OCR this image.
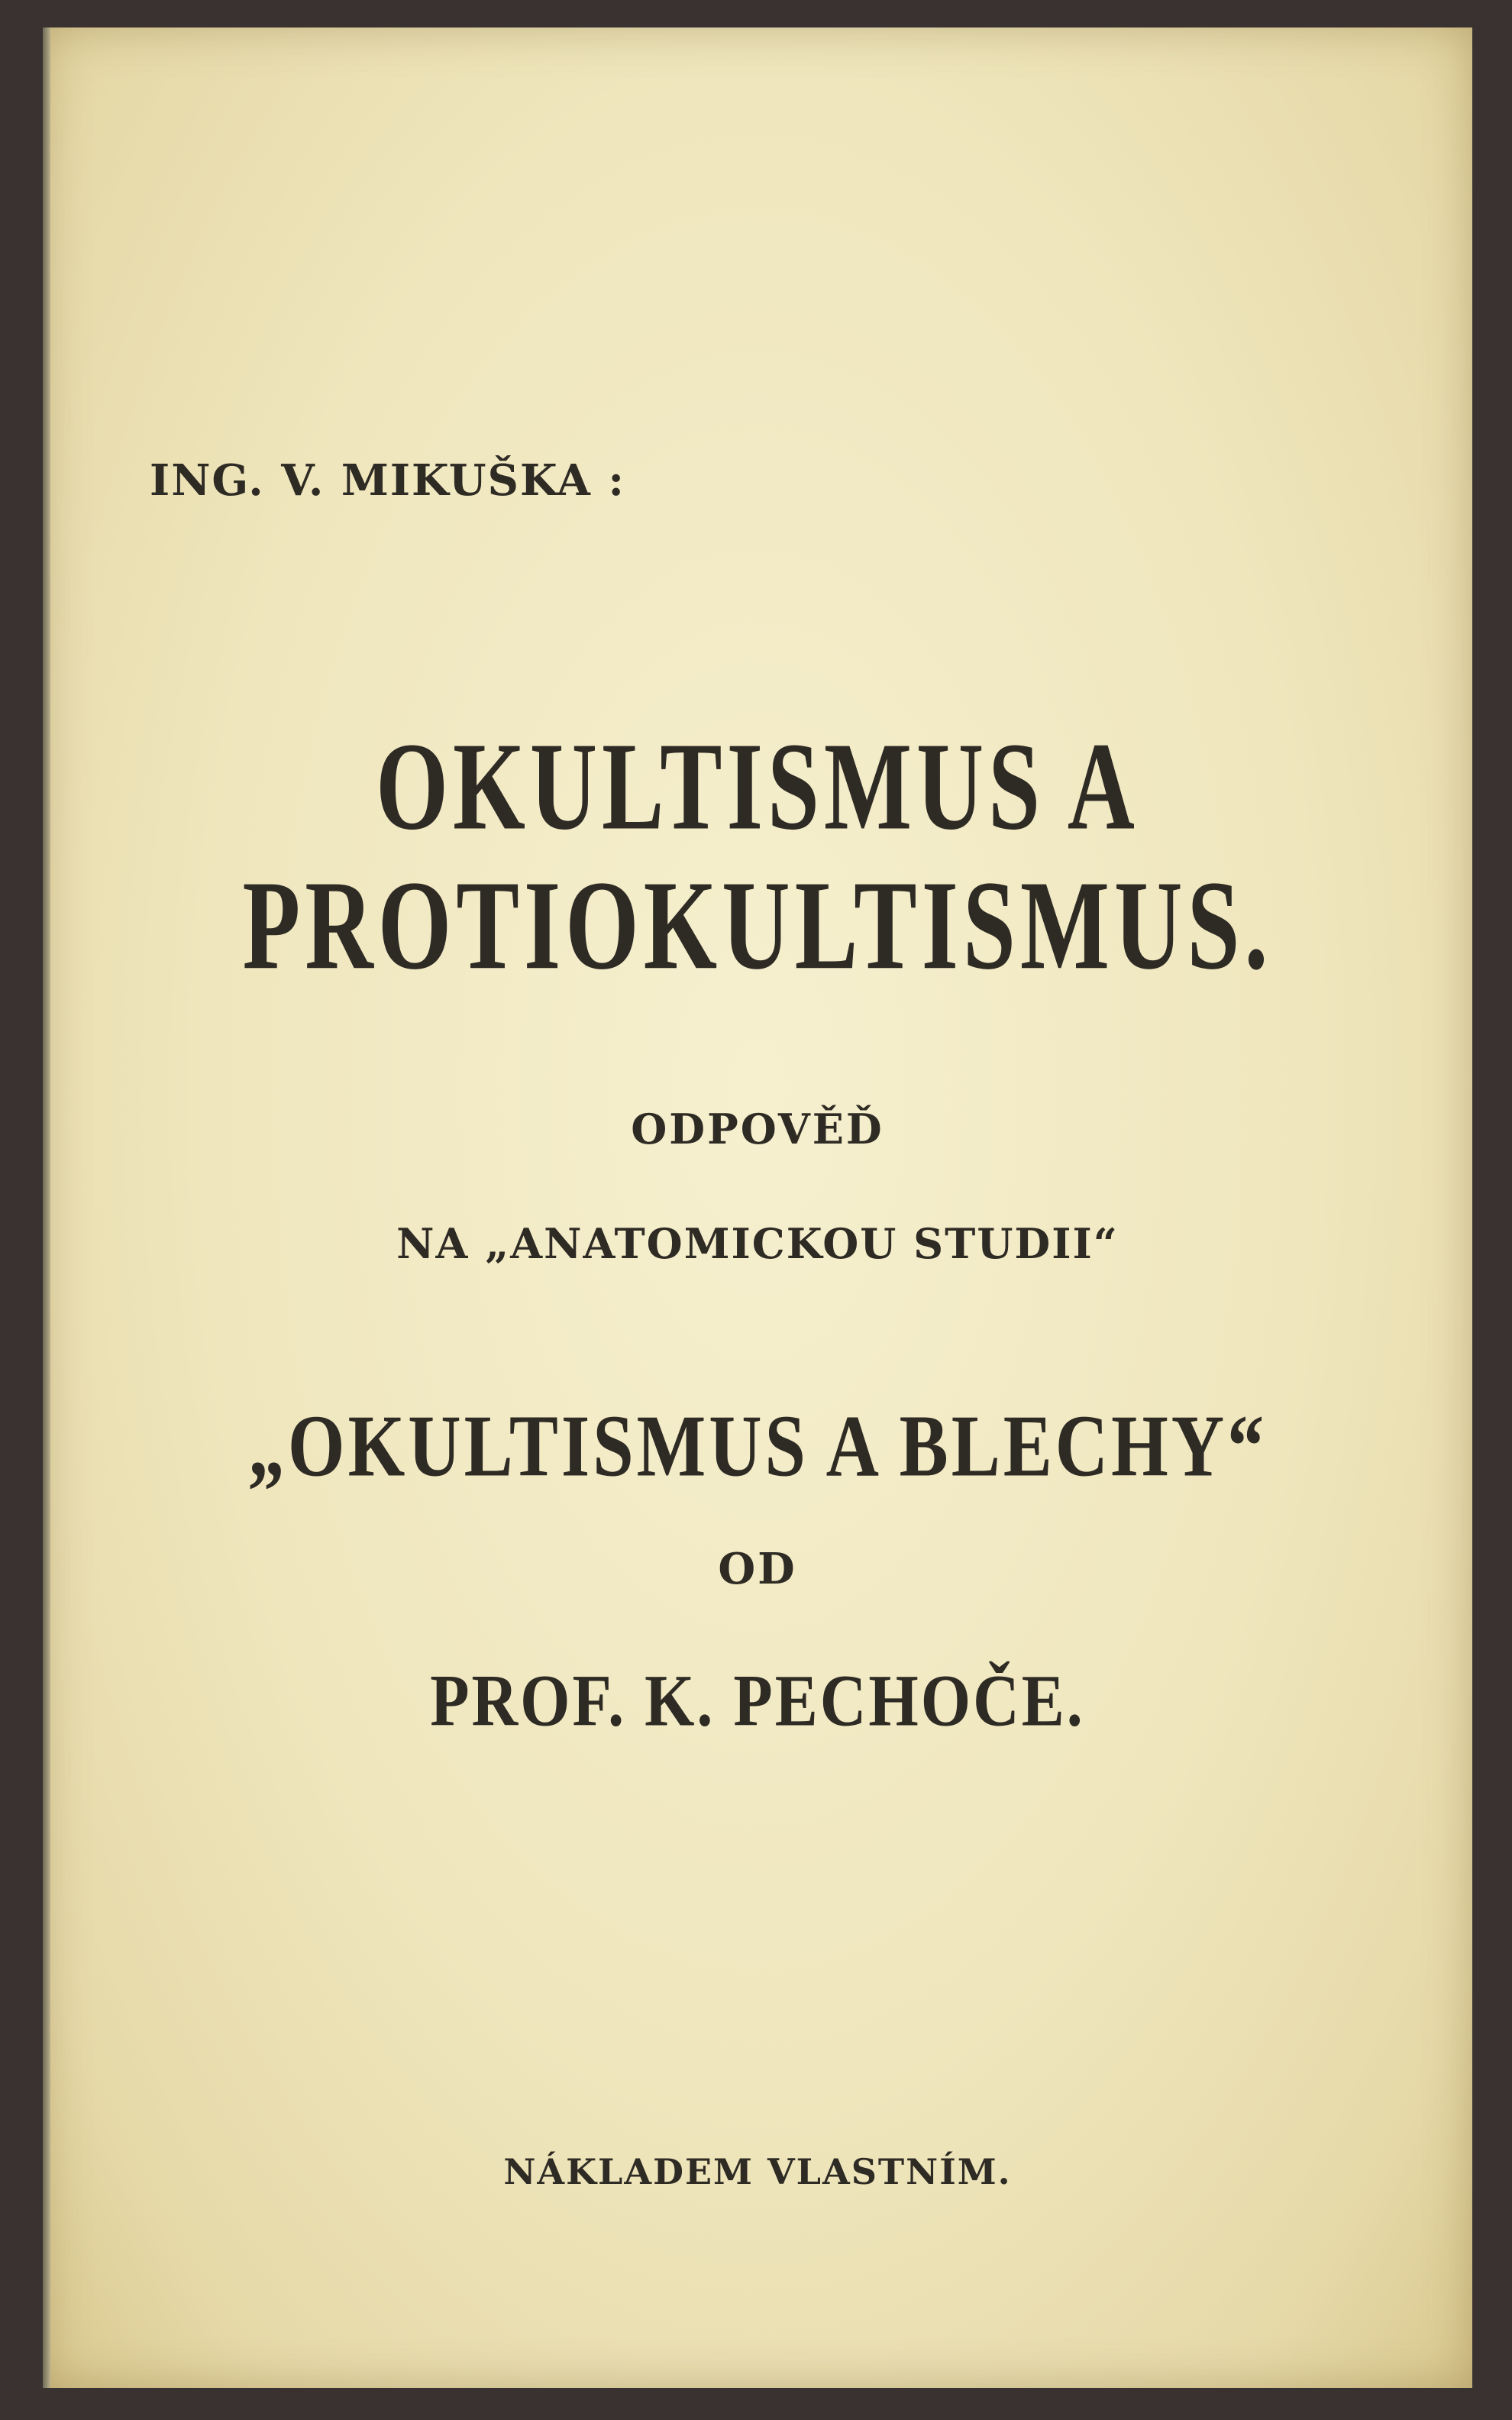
ING. V. MIKUŠKA :
OKULTISMUS A
PROTIOKULTISMUS.
ODPOVĚĎ
NA „ANATOMICKOU STUDII“
„OKULTISMUS A BLECHY“
OD
PROF. K. PECHOČE.
NÁKLADEM VLASTNÍM.
